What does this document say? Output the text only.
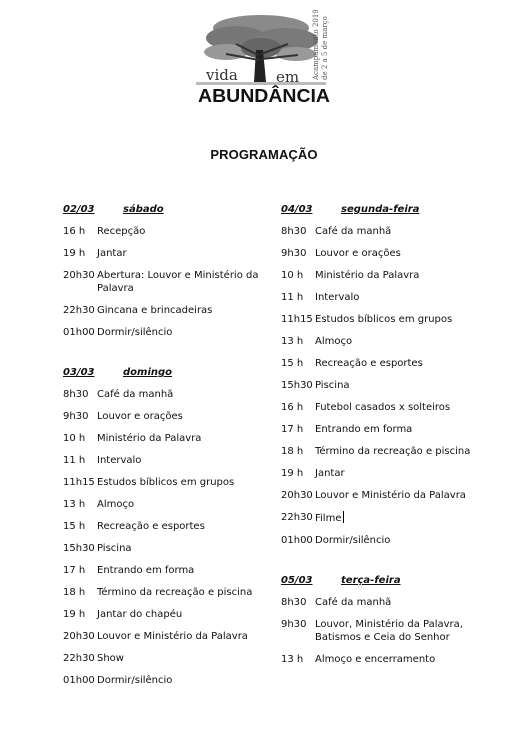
vida	em
ABUNDÂNCIA
Acampamento 2019 de 2 a 5 de março
PROGRAMAÇÃO
02/03	sábado
16 h	Recepção
19 h	Jantar
20h30 Abertura: Louvor e Ministério da Palavra
22h30 Gincana e brincadeiras
01h00 Dormir/silêncio
03/03	domingo
8h30 Café da manhã
9h30 Louvor e orações
10 h	Ministério da Palavra
11 h	Intervalo
11h15 Estudos bíblicos em grupos
13 h	Almoço
15 h	Recreação e esportes
15h30 Piscina
17 h	Entrando em forma
18 h	Término da recreação e piscina
19 h	Jantar do chapéu
20h30 Louvor e Ministério da Palavra
22h30 Show
01h00 Dormir/silêncio
04/03	segunda-feira
8h30 Café da manhã
9h30 Louvor e orações
10 h	Ministério da Palavra
11 h	Intervalo
11h15 Estudos bíblicos em grupos
13 h	Almoço
15 h	Recreação e esportes
15h30 Piscina
16 h	Futebol casados x solteiros
17 h	Entrando em forma
18 h	Término da recreação e piscina
19 h	Jantar
20h30 Louvor e Ministério da Palavra
22h30 Filme
01h00 Dormir/silêncio
05/03	terça-feira
8h30 Café da manhã
9h30 Louvor, Ministério da Palavra, Batismos e Ceia do Senhor
13 h	Almoço e encerramento
